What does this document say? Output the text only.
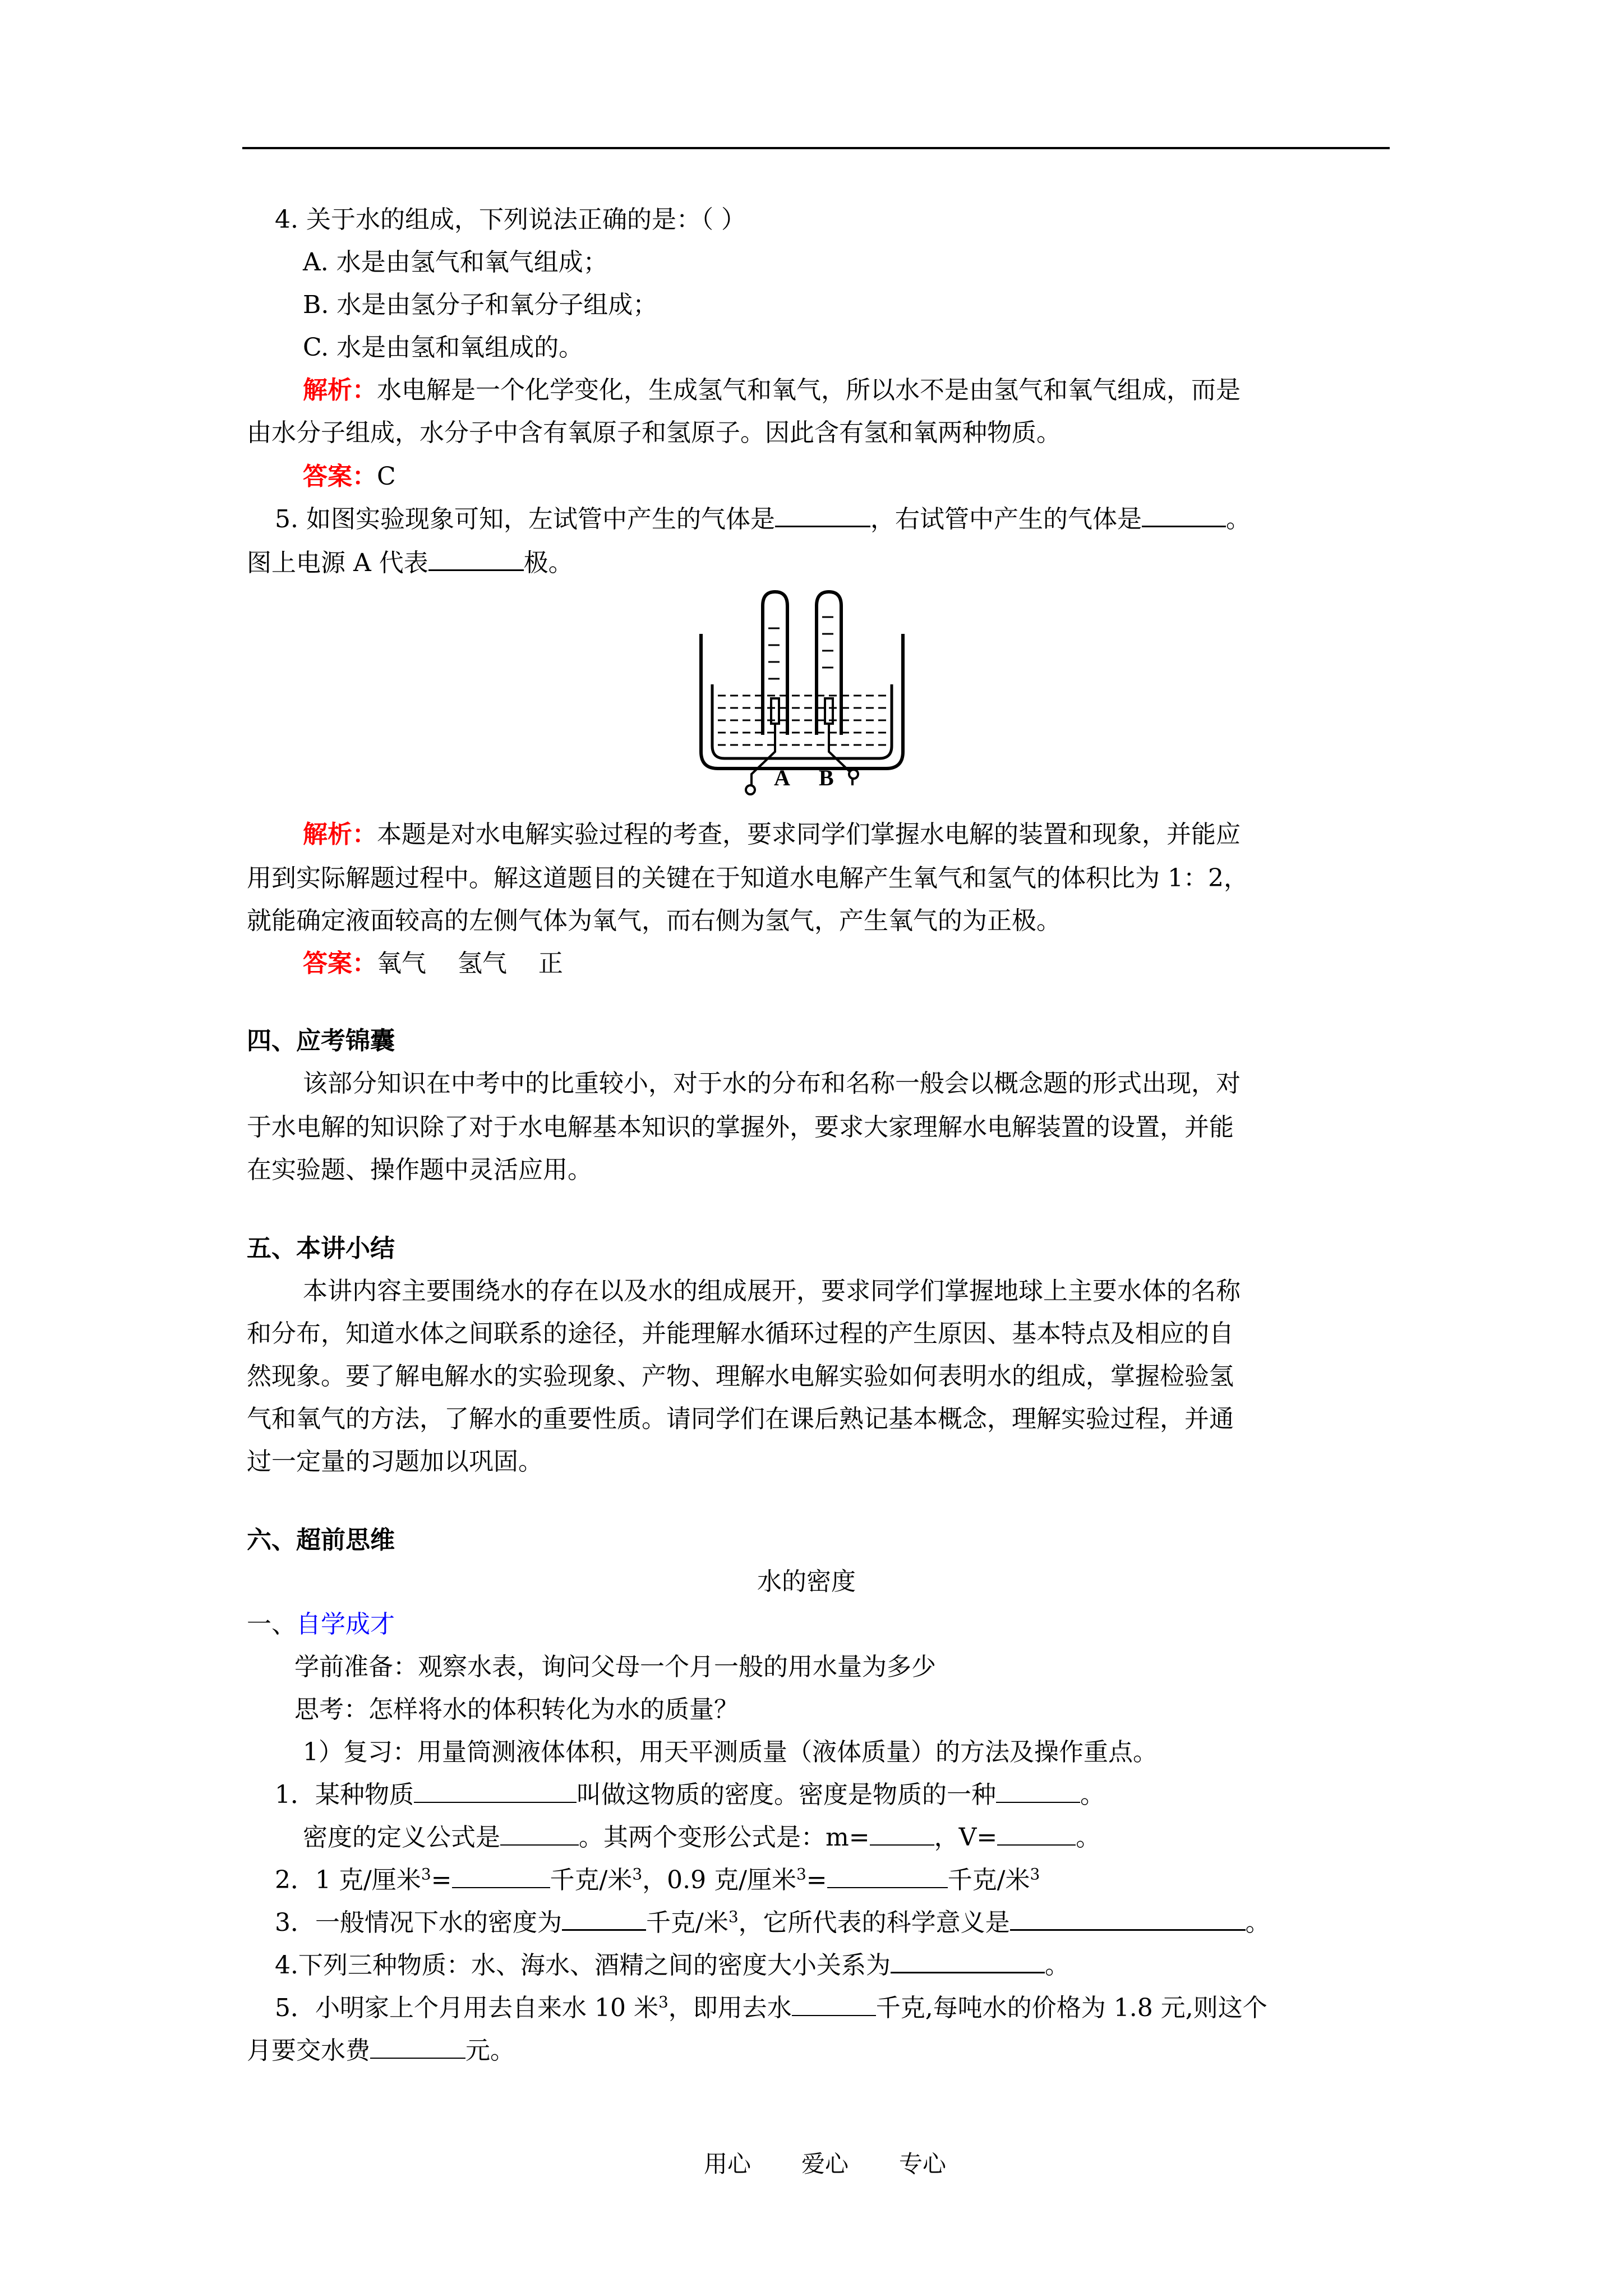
4. 关于水的组成，下列说法正确的是：（ ）
A. 水是由氢气和氧气组成；
B. 水是由氢分子和氧分子组成；
C. 水是由氢和氧组成的。
解析：水电解是一个化学变化，生成氢气和氧气，所以水不是由氢气和氧气组成，而是
由水分子组成，水分子中含有氧原子和氢原子。因此含有氢和氧两种物质。
答案：C
5. 如图实验现象可知，左试管中产生的气体是	，右试管中产生的气体是	。
图上电源 A 代表	极。
A B
解析：本题是对水电解实验过程的考查，要求同学们掌握水电解的装置和现象，并能应
用到实际解题过程中。解这道题目的关键在于知道水电解产生氧气和氢气的体积比为 1：2，
就能确定液面较高的左侧气体为氧气，而右侧为氢气，产生氧气的为正极。
答案：氧气    氢气    正
四、应考锦囊
该部分知识在中考中的比重较小，对于水的分布和名称一般会以概念题的形式出现，对
于水电解的知识除了对于水电解基本知识的掌握外，要求大家理解水电解装置的设置，并能
在实验题、操作题中灵活应用。
五、本讲小结
本讲内容主要围绕水的存在以及水的组成展开，要求同学们掌握地球上主要水体的名称
和分布，知道水体之间联系的途径，并能理解水循环过程的产生原因、基本特点及相应的自
然现象。要了解电解水的实验现象、产物、理解水电解实验如何表明水的组成，掌握检验氢
气和氧气的方法，了解水的重要性质。请同学们在课后熟记基本概念，理解实验过程，并通
过一定量的习题加以巩固。
六、超前思维
水的密度
一、自学成才
学前准备：观察水表，询问父母一个月一般的用水量为多少
思考：怎样将水的体积转化为水的质量？
1）复习：用量筒测液体体积，用天平测质量（液体质量）的方法及操作重点。
1．某种物质	叫做这物质的密度。密度是物质的一种	。
密度的定义公式是	。其两个变形公式是：m=	，V=	。
2．1 克/厘米$^3$=	千克/米$^3$，0.9 克/厘米$^3$=	千克/米$^3$
3．一般情况下水的密度为	千克/米$^3$，它所代表的科学意义是	。
4.下列三种物质：水、海水、酒精之间的密度大小关系为	。
5．小明家上个月用去自来水 10 米$^3$，即用去水	千克,每吨水的价格为 1.8 元,则这个
月要交水费	元。
用心 爱心 专心
